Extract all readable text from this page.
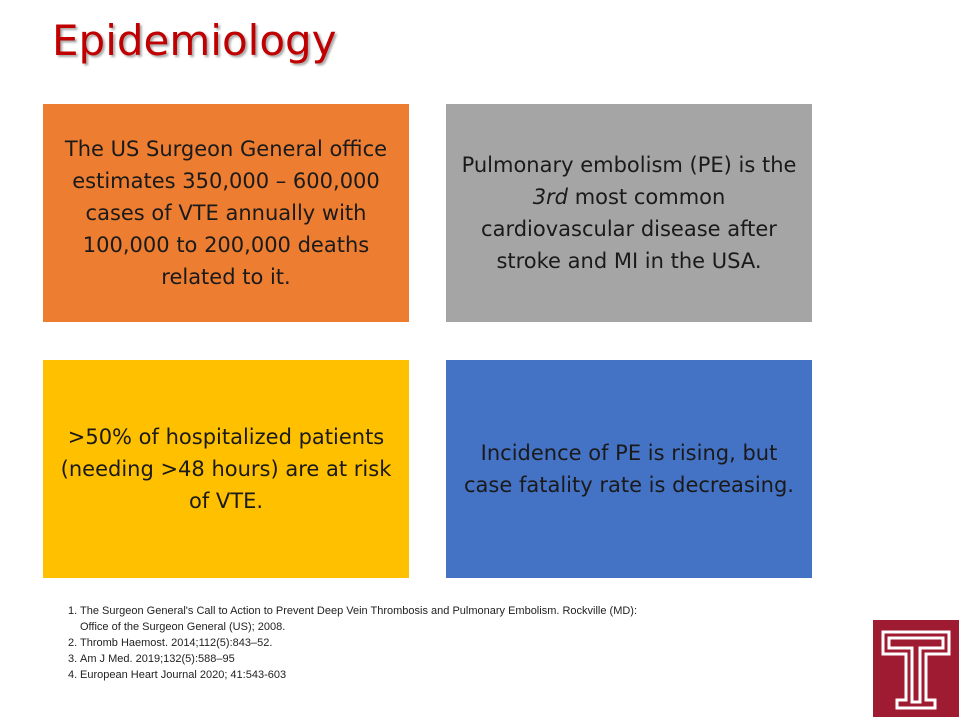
Epidemiology

The US Surgeon General office estimates 350,000 – 600,000 cases of VTE annually with 100,000 to 200,000 deaths related to it.

Pulmonary embolism (PE) is the 3rd most common cardiovascular disease after stroke and MI in the USA.

>50% of hospitalized patients (needing >48 hours) are at risk of VTE.

Incidence of PE is rising, but case fatality rate is decreasing.

1. The Surgeon General's Call to Action to Prevent Deep Vein Thrombosis and Pulmonary Embolism. Rockville (MD):
Office of the Surgeon General (US); 2008.
2. Thromb Haemost. 2014;112(5):843–52.
3. Am J Med. 2019;132(5):588–95
4. European Heart Journal 2020; 41:543-603
